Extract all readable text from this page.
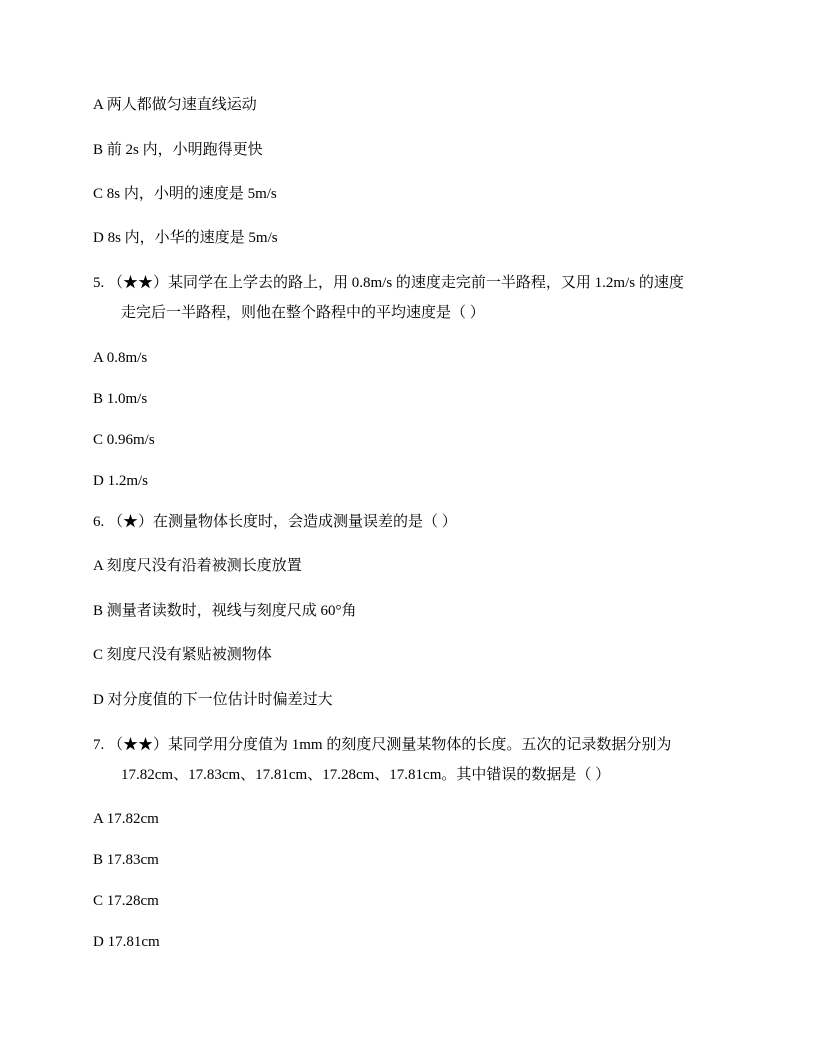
A 两人都做匀速直线运动
B 前 2s 内，小明跑得更快
C 8s 内，小明的速度是 5m/s
D 8s 内，小华的速度是 5m/s
5. （★★）某同学在上学去的路上，用 0.8m/s 的速度走完前一半路程，又用 1.2m/s 的速度
走完后一半路程，则他在整个路程中的平均速度是（ ）
A 0.8m/s
B 1.0m/s
C 0.96m/s
D 1.2m/s
6. （★）在测量物体长度时，会造成测量误差的是（ ）
A 刻度尺没有沿着被测长度放置
B 测量者读数时，视线与刻度尺成 60°角
C 刻度尺没有紧贴被测物体
D 对分度值的下一位估计时偏差过大
7. （★★）某同学用分度值为 1mm 的刻度尺测量某物体的长度。五次的记录数据分别为
17.82cm、17.83cm、17.81cm、17.28cm、17.81cm。其中错误的数据是（ ）
A 17.82cm
B 17.83cm
C 17.28cm
D 17.81cm
